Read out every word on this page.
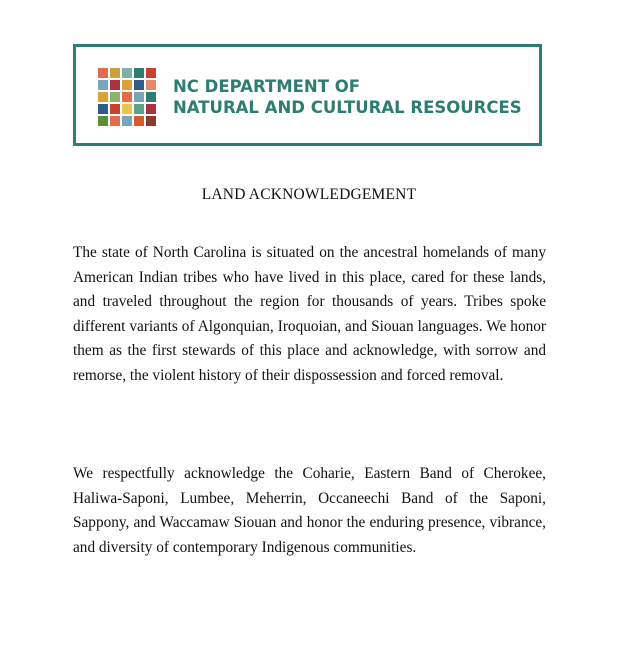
NC DEPARTMENT OF
NATURAL AND CULTURAL RESOURCES
LAND ACKNOWLEDGEMENT

The state of North Carolina is situated on the ancestral homelands of many American Indian tribes who have lived in this place, cared for these lands, and traveled throughout the region for thousands of years. Tribes spoke different variants of Algonquian, Iroquoian, and Siouan languages. We honor them as the first stewards of this place and acknowledge, with sorrow and remorse, the violent history of their dispossession and forced removal.

We respectfully acknowledge the Coharie, Eastern Band of Cherokee, Haliwa-Saponi, Lumbee, Meherrin, Occaneechi Band of the Saponi, Sappony, and Waccamaw Siouan and honor the enduring presence, vibrance, and diversity of contemporary Indigenous communities.
